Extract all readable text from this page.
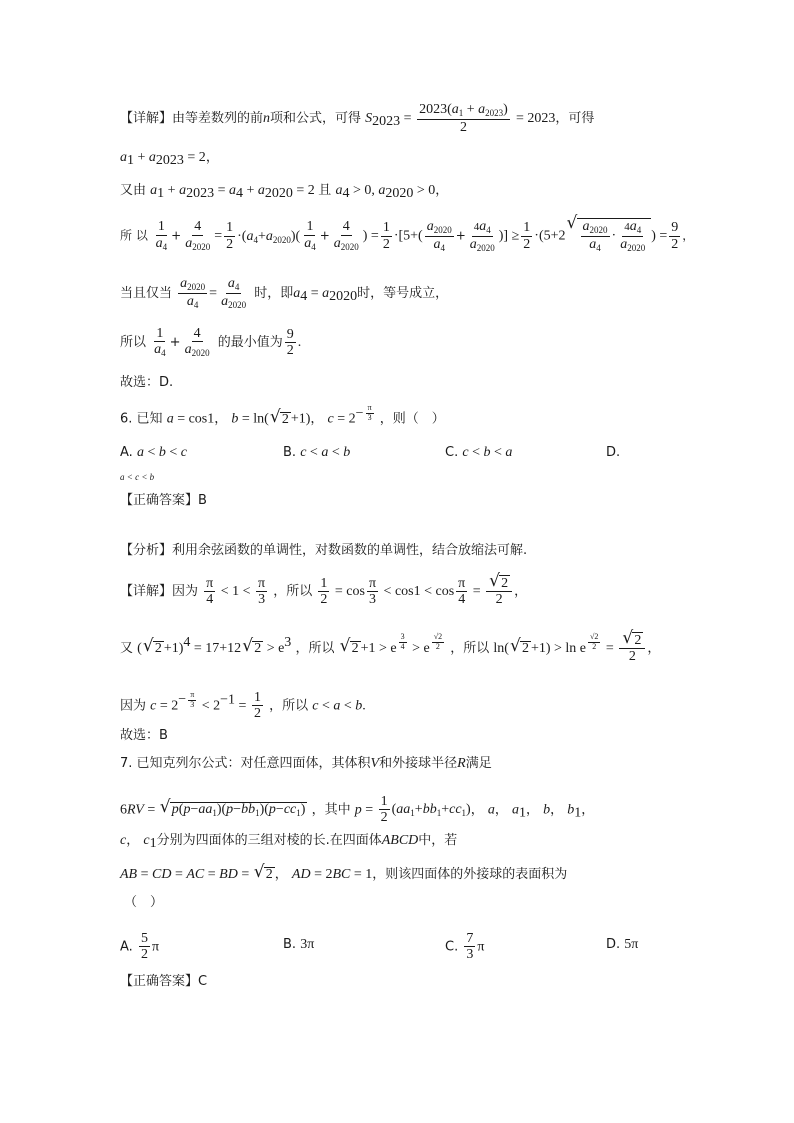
【详解】由等差数列的前n项和公式，可得 $S_{2023} = \frac{2023(a_1 + a_{2023})}{2} = 2023$，可得
$a_1 + a_{2023} = 2$，
又由 $a_1 + a_{2023} = a_4 + a_{2020} = 2$ 且 $a_4 > 0$, $a_{2020} > 0$，
所 以 $\frac{1}{a_4} + \frac{4}{a_{2020}} = \frac{1}{2} \cdot(a_4+a_{2020})( \frac{1}{a_4} + \frac{4}{a_{2020}}$ ) = $\frac{1}{2} \cdot[5+( \frac{a_{2020}}{a_4} + \frac{4a_4}{a_{2020}}$ )] ≥ $\frac{1}{2} \cdot(5+2$ √ $\frac{a_{2020}}{a_4} \cdot \frac{4a_4}{a_{2020}}$ ) = $\frac{9}{2}$ ，
当且仅当 $\frac{a_{2020}}{a_4} = \frac{a_4}{a_{2020}}$ 时，即$a_4 = a_{2020}$时，等号成立，
所以 $\frac{1}{a_4} + \frac{4}{a_{2020}}$ 的最小值为 $\frac{9}{2}$ .
故选：D.
6. 已知 a = cos1， b = ln( √ 2 +1)， $c = 2^{- \frac{\pi}{3}}$ ，则（　）
A. a < b < c	B. c < a < b	C. c < b < a	D.
a < c < b
【正确答案】B
【分析】利用余弦函数的单调性，对数函数的单调性，结合放缩法可解.
【详解】因为 $\frac{\pi}{4} < 1 < \frac{\pi}{3}$ ，所以 $\frac{1}{2} = \cos \frac{\pi}{3} < \cos 1 < \cos \frac{\pi}{4}$ = √ $\frac{2}{2}$ ，
又 ( √ 2 +1)$^4$ = 17+12 √ $2 > e^3$ ，所以 √ 2 +1 > e $^{\frac{3}{4}}$ > e $^{\frac{√2}{2}}$ ，所以 ln( √ 2 +1) > ln e $^{\frac{√2}{2}}$ = √ $\frac{2}{2}$ ，
因为 $c = 2^{- \frac{\pi}{3}} < 2^{-1} = \frac{1}{2}$ ，所以 c < a < b.
故选：B
7. 已知克列尔公式：对任意四面体，其体积V和外接球半径R满足
6RV = √ $p(p-aa_1)(p-bb_1)(p-cc_1)$ ，其中 $p = \frac{1}{2} (aa_1+bb_1+cc_1)$， a， $a_1$， b， $b_1$，
c， $c_1$分别为四面体的三组对棱的长.在四面体ABCD中，若
AB = CD = AC = BD = √ 2 ， AD = 2BC = 1，则该四面体的外接球的表面积为
（　）
A. $\frac{5}{2}$ π	B. 3π	C. $\frac{7}{3}$ π	D. 5π
【正确答案】C
